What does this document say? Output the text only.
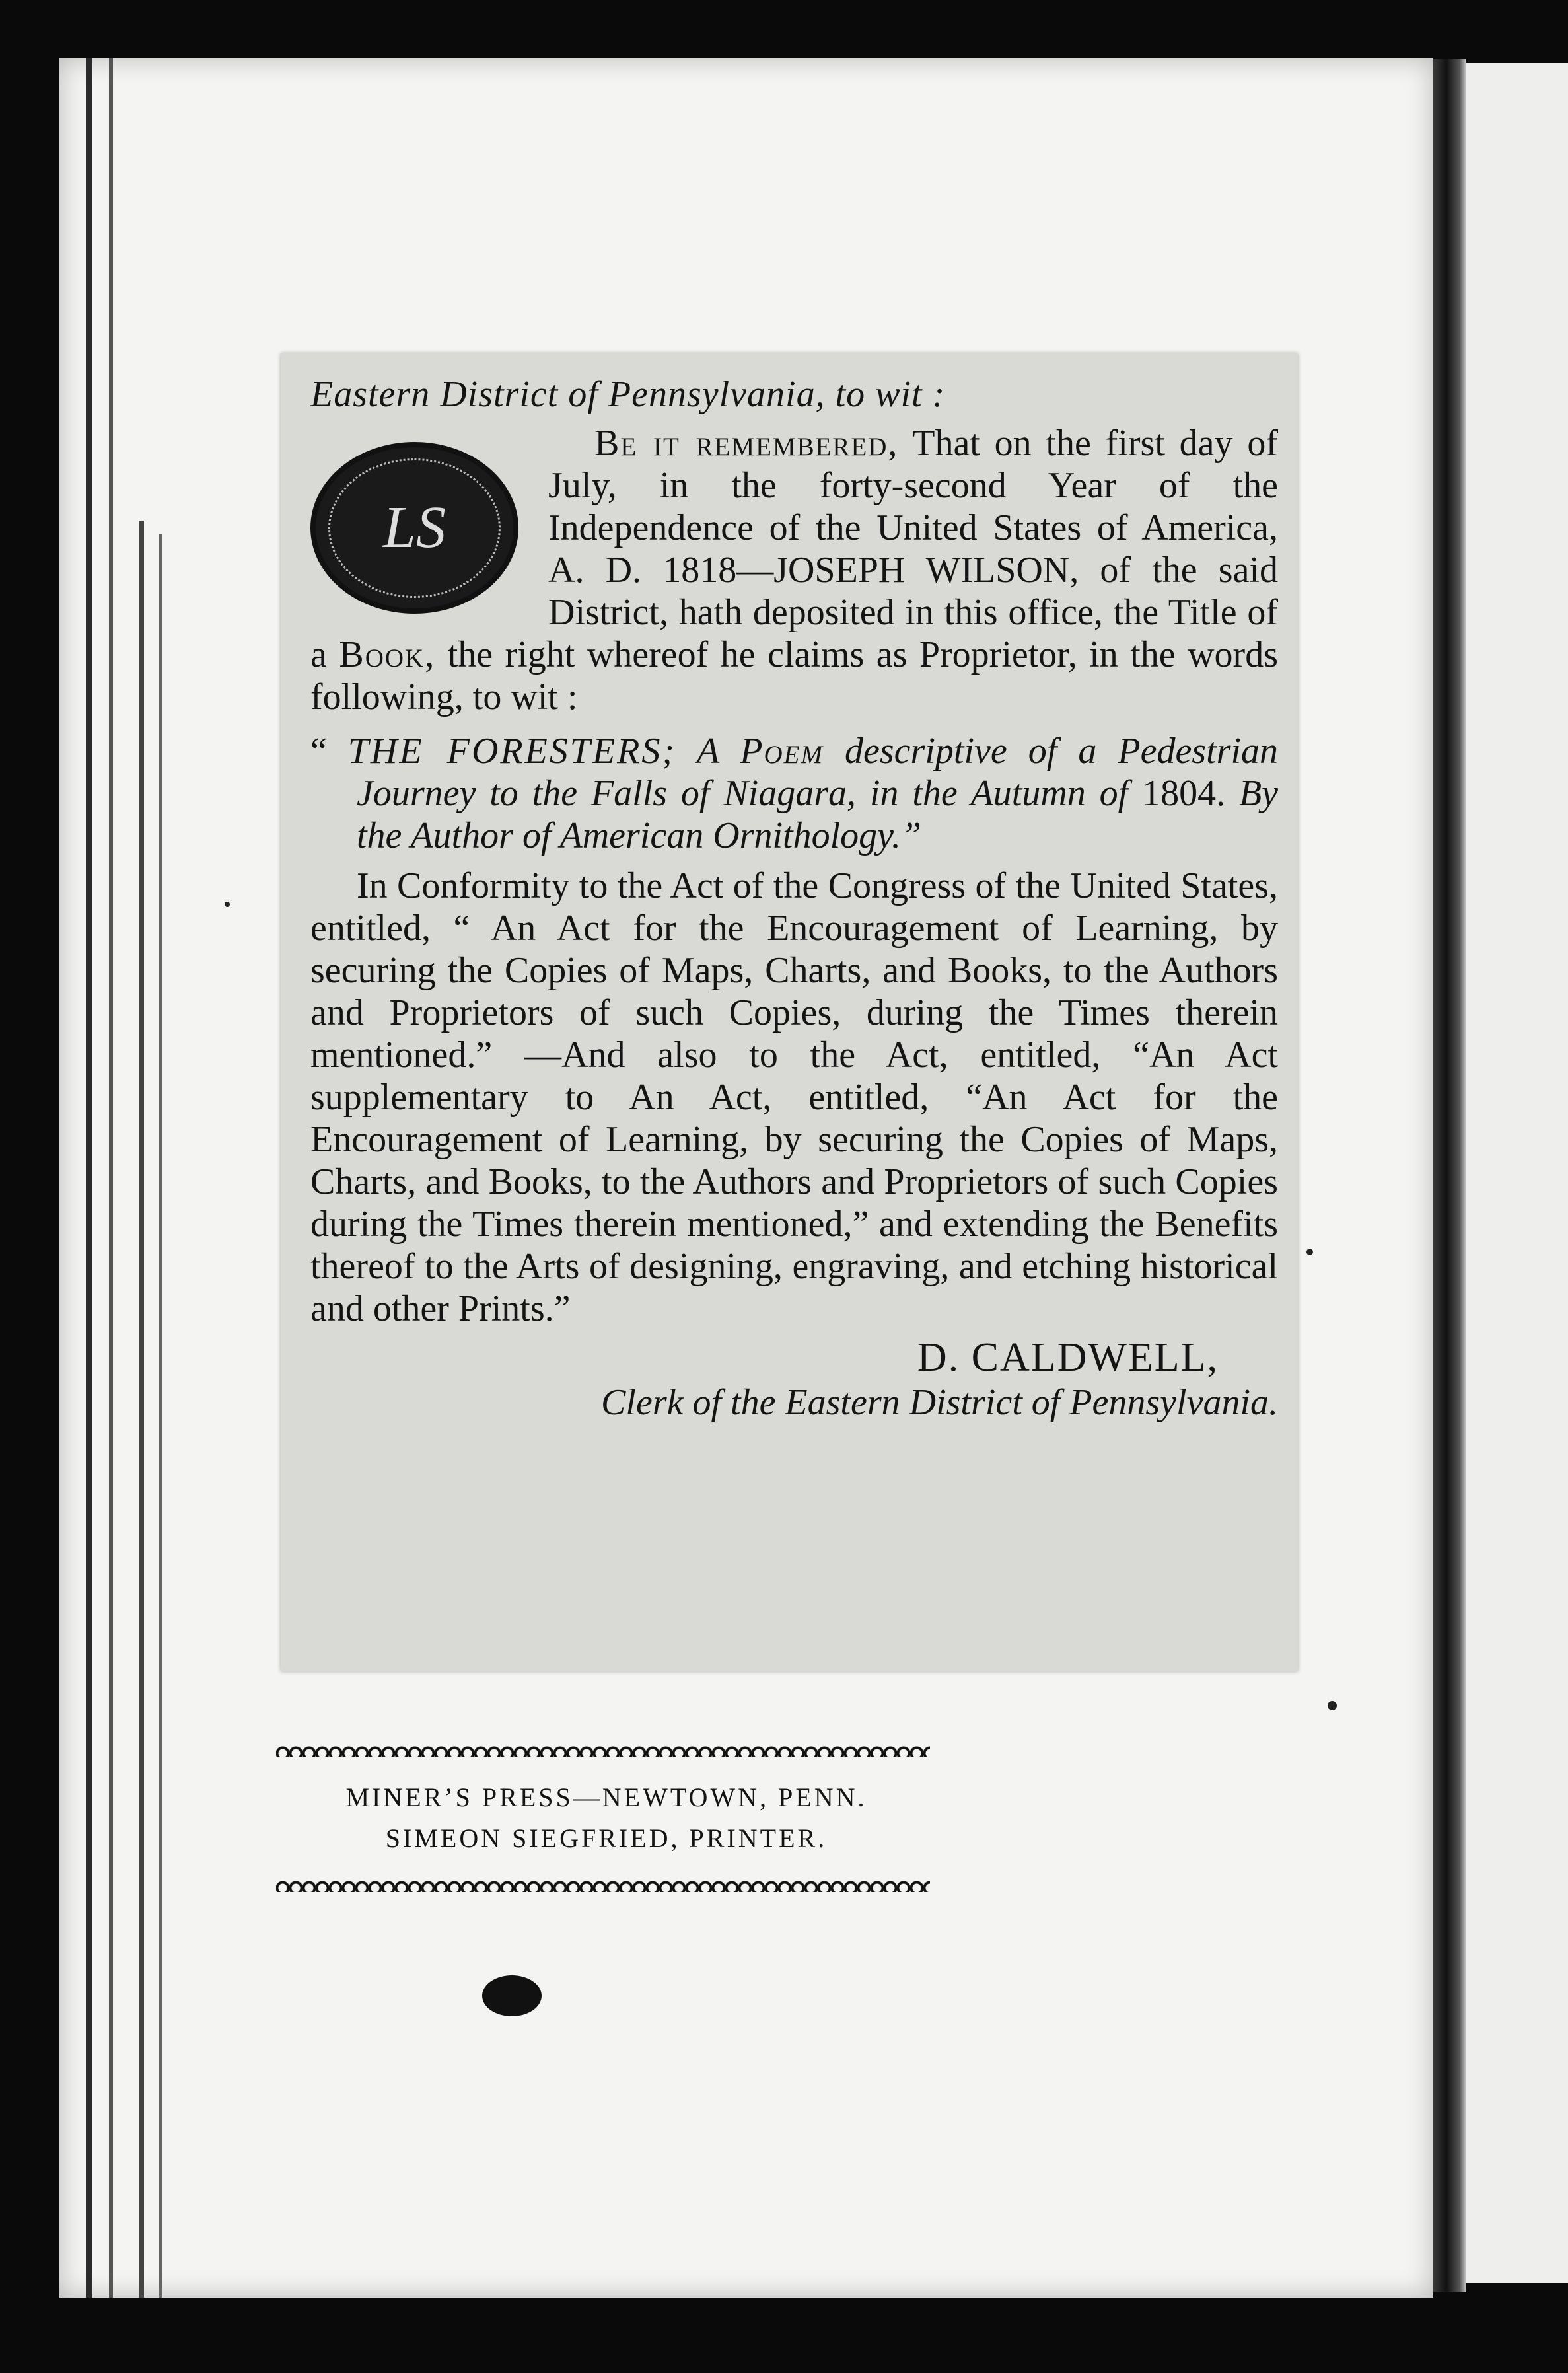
Eastern District of Pennsylvania, to wit :
LS

Be it remembered, That on the first day of July, in the forty-second Year of the Independence of the United States of America, A. D. 1818—JOSEPH WILSON, of the said District, hath deposited in this office, the Title of a Book, the right whereof he claims as Proprietor, in the words following, to wit :

“ THE FORESTERS; A Poem descriptive of a Pedestrian Journey to the Falls of Niagara, in the Autumn of 1804. By the Author of American Ornithology.”

In Conformity to the Act of the Congress of the United States, entitled, “ An Act for the Encouragement of Learning, by securing the Copies of Maps, Charts, and Books, to the Authors and Proprietors of such Copies, during the Times therein mentioned.” —And also to the Act, entitled, “An Act supplementary to An Act, entitled, “An Act for the Encouragement of Learning, by securing the Copies of Maps, Charts, and Books, to the Authors and Proprietors of such Copies during the Times therein mentioned,” and extending the Benefits thereof to the Arts of designing, engraving, and etching historical and other Prints.”

D. CALDWELL,
Clerk of the Eastern District of Pennsylvania.
MINER’S PRESS—NEWTOWN, PENN.
SIMEON SIEGFRIED, PRINTER.
